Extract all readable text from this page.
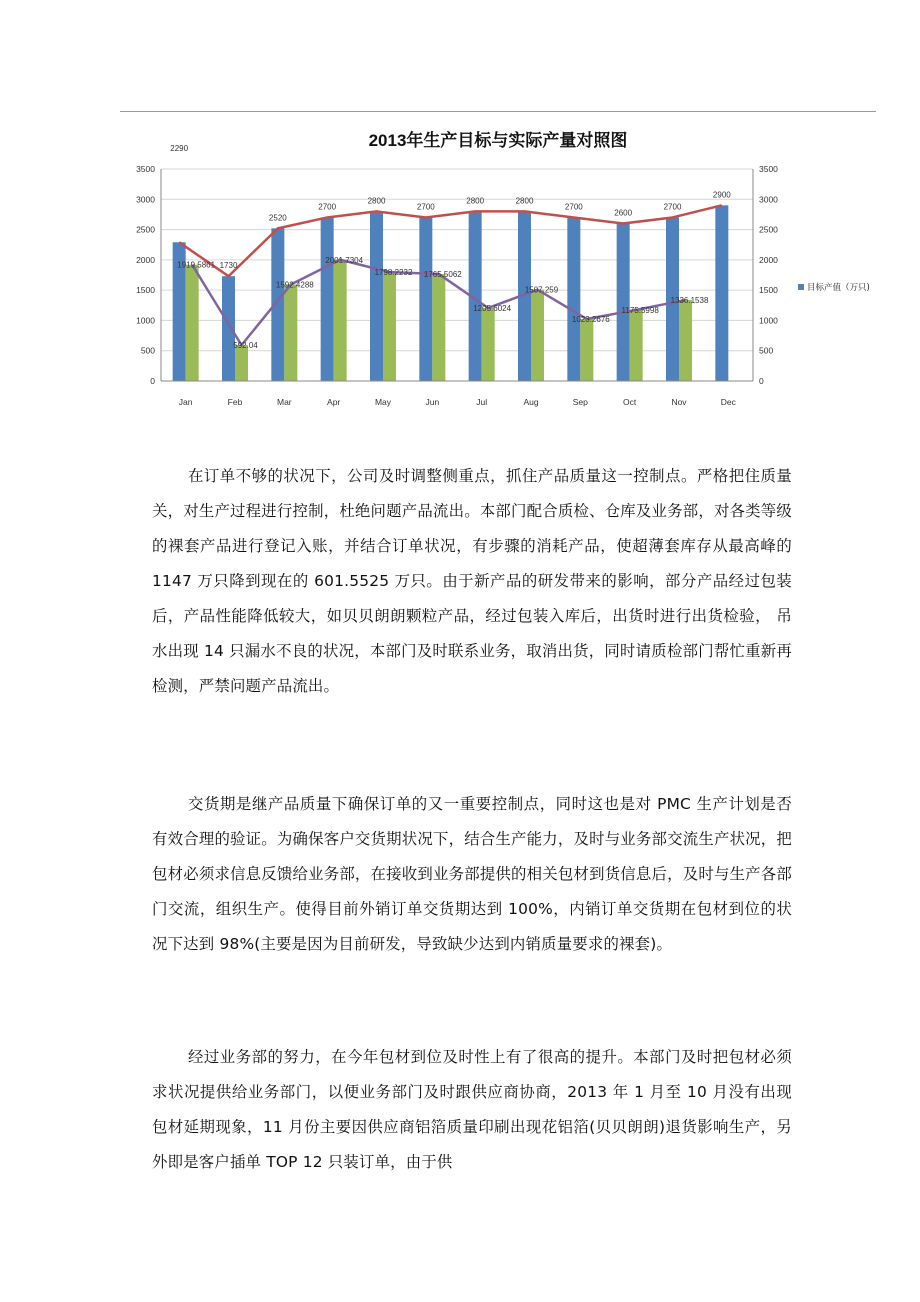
2013年生产目标与实际产量对照图
2290
1730
2520
2700
2800
2700
2800	2800
2700
2600
2700
2900
1919.5861
592.04
1592.4288
2001.7304
1798.2232 1765.5062
1205.6024
1507.259
1023.2676
1175.5998
1336.1538
0	0
500	500
1000	1000
1500	1500
2000	2000
2500	2500
3000	3000
3500	3500
Jan	Feb	Mar	Apr	May	Jun	Jul	Aug	Sep	Oct	Nov	Dec
目标产值（万只)

在订单不够的状况下，公司及时调整侧重点，抓住产品质量这一控制点。严格把住质量关，对生产过程进行控制，杜绝问题产品流出。本部门配合质检、仓库及业务部，对各类等级的裸套产品进行登记入账，并结合订单状况，有步骤的消耗产品，使超薄套库存从最高峰的 1147 万只降到现在的 601.5525 万只。由于新产品的研发带来的影响，部分产品经过包装后，产品性能降低较大，如贝贝朗朗颗粒产品，经过包装入库后，出货时进行出货检验， 吊水出现 14 只漏水不良的状况，本部门及时联系业务，取消出货，同时请质检部门帮忙重新再检测，严禁问题产品流出。

交货期是继产品质量下确保订单的又一重要控制点，同时这也是对 PMC 生产计划是否有效合理的验证。为确保客户交货期状况下，结合生产能力，及时与业务部交流生产状况，把包材必须求信息反馈给业务部，在接收到业务部提供的相关包材到货信息后，及时与生产各部门交流，组织生产。使得目前外销订单交货期达到 100%，内销订单交货期在包材到位的状况下达到 98%(主要是因为目前研发，导致缺少达到内销质量要求的裸套)。

经过业务部的努力，在今年包材到位及时性上有了很高的提升。本部门及时把包材必须求状况提供给业务部门，以便业务部门及时跟供应商协商，2013 年 1 月至 10 月没有出现包材延期现象，11 月份主要因供应商铝箔质量印刷出现花铝箔(贝贝朗朗)退货影响生产，另外即是客户插单 TOP 12 只装订单，由于供
